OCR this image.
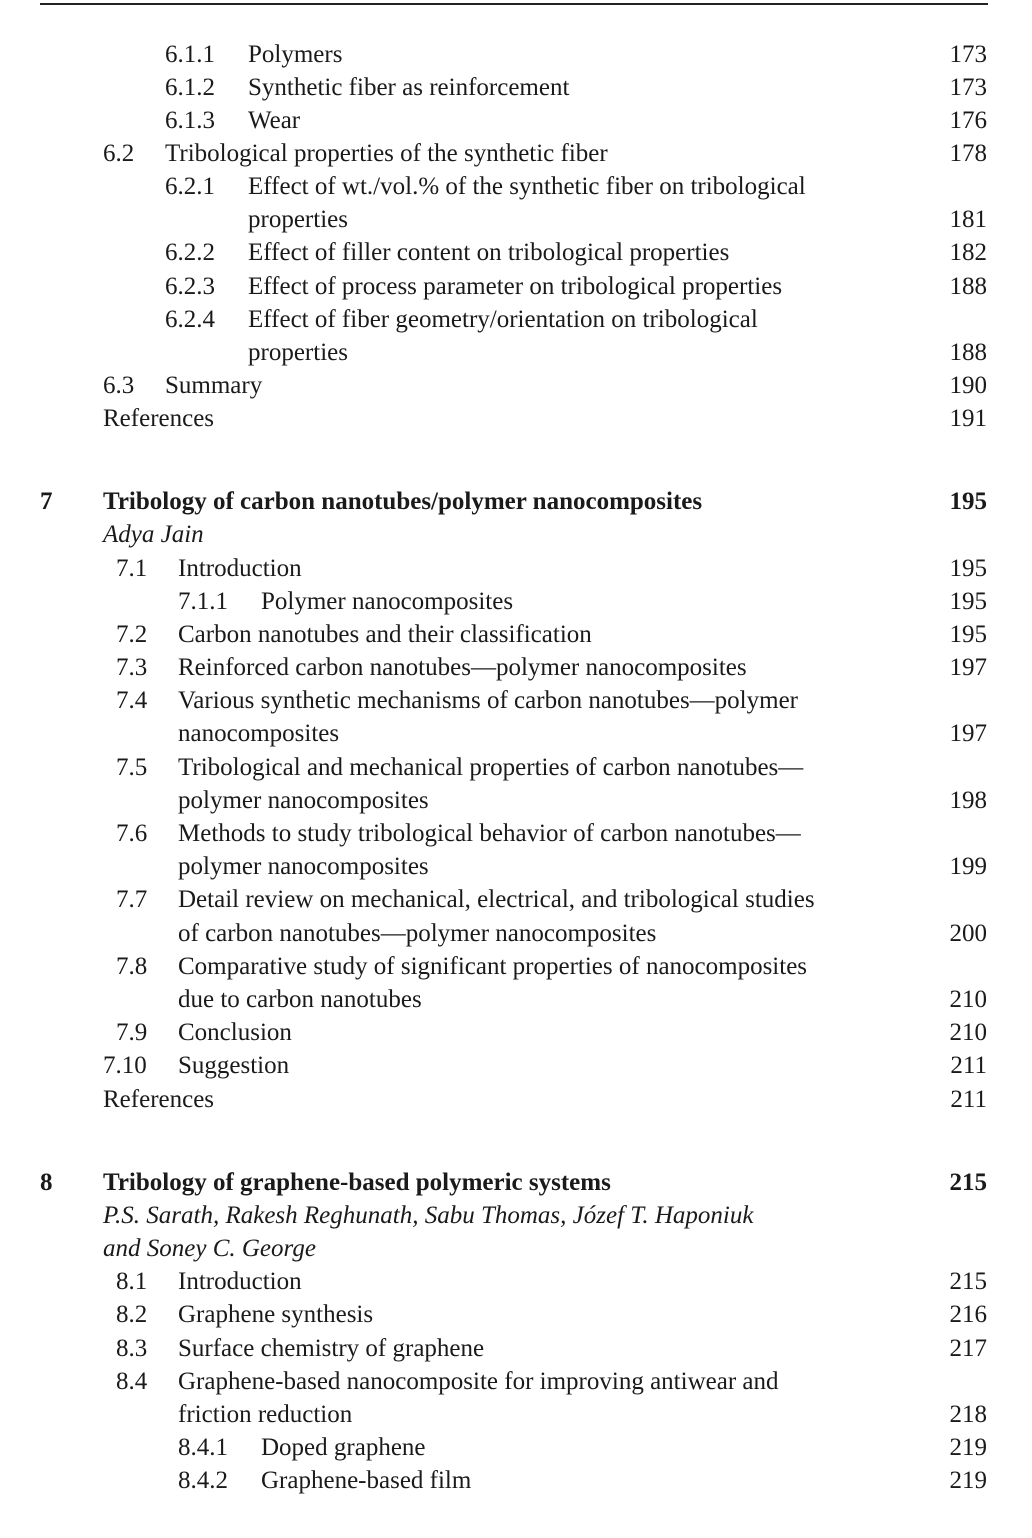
6.1.1 Polymers	173
6.1.2 Synthetic fiber as reinforcement	173
6.1.3 Wear	176
6.2 Tribological properties of the synthetic fiber	178
6.2.1 Effect of wt./vol.% of the synthetic fiber on tribological
properties	181
6.2.2 Effect of filler content on tribological properties	182
6.2.3 Effect of process parameter on tribological properties	188
6.2.4 Effect of fiber geometry/orientation on tribological
properties	188
6.3 Summary	190
References	191
7 Tribology of carbon nanotubes/polymer nanocomposites	195
Adya Jain
7.1 Introduction	195
7.1.1 Polymer nanocomposites	195
7.2 Carbon nanotubes and their classification	195
7.3 Reinforced carbon nanotubes—polymer nanocomposites	197
7.4 Various synthetic mechanisms of carbon nanotubes—polymer
nanocomposites	197
7.5 Tribological and mechanical properties of carbon nanotubes—
polymer nanocomposites	198
7.6 Methods to study tribological behavior of carbon nanotubes—
polymer nanocomposites	199
7.7 Detail review on mechanical, electrical, and tribological studies
of carbon nanotubes—polymer nanocomposites	200
7.8 Comparative study of significant properties of nanocomposites
due to carbon nanotubes	210
7.9 Conclusion	210
7.10 Suggestion	211
References	211
8 Tribology of graphene-based polymeric systems	215
P.S. Sarath, Rakesh Reghunath, Sabu Thomas, Józef T. Haponiuk
and Soney C. George
8.1 Introduction	215
8.2 Graphene synthesis	216
8.3 Surface chemistry of graphene	217
8.4 Graphene-based nanocomposite for improving antiwear and
friction reduction	218
8.4.1 Doped graphene	219
8.4.2 Graphene-based film	219
